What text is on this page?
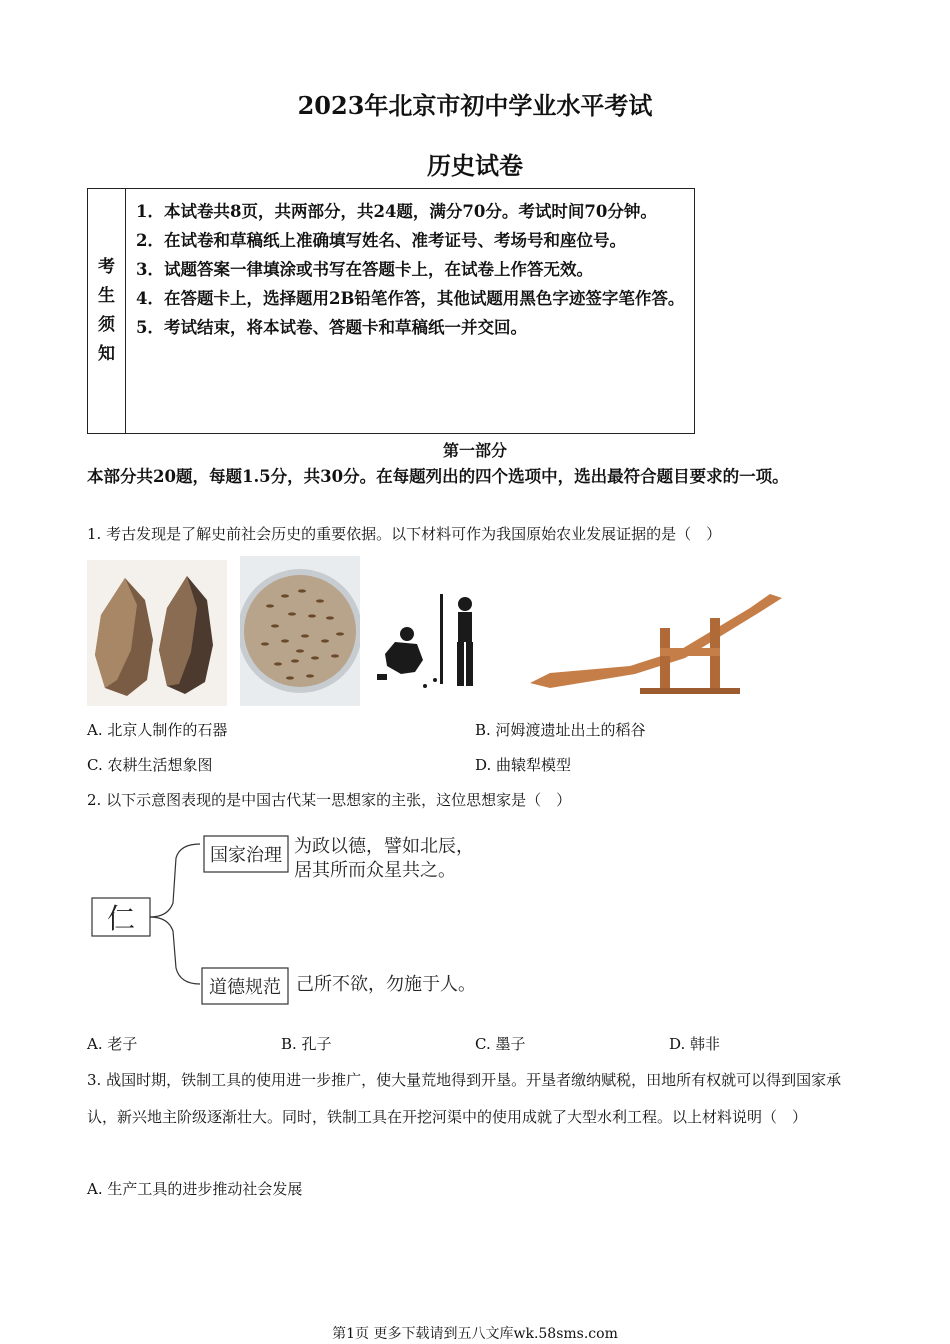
2023年北京市初中学业水平考试
历史试卷
考
生
须
知
1．本试卷共8页，共两部分，共24题，满分70分。考试时间70分钟。
2．在试卷和草稿纸上准确填写姓名、准考证号、考场号和座位号。
3．试题答案一律填涂或书写在答题卡上，在试卷上作答无效。
4．在答题卡上，选择题用2B铅笔作答，其他试题用黑色字迹签字笔作答。
5．考试结束，将本试卷、答题卡和草稿纸一并交回。
第一部分
本部分共20题，每题1.5分，共30分。在每题列出的四个选项中，选出最符合题目要求的一项。
1. 考古发现是了解史前社会历史的重要依据。以下材料可作为我国原始农业发展证据的是（　）
A. 北京人制作的石器	B. 河姆渡遗址出土的稻谷
C. 农耕生活想象图	D. 曲辕犁模型
2. 以下示意图表现的是中国古代某一思想家的主张，这位思想家是（　）
仁
国家治理 为政以德，譬如北辰，
居其所而众星共之。
道德规范 己所不欲，勿施于人。
A. 老子	B. 孔子	C. 墨子	D. 韩非
3. 战国时期，铁制工具的使用进一步推广，使大量荒地得到开垦。开垦者缴纳赋税，田地所有权就可以得到国家承认，新兴地主阶级逐渐壮大。同时，铁制工具在开挖河渠中的使用成就了大型水利工程。以上材料说明（　）
A. 生产工具的进步推动社会发展
第1页 更多下载请到五八文库wk.58sms.com
